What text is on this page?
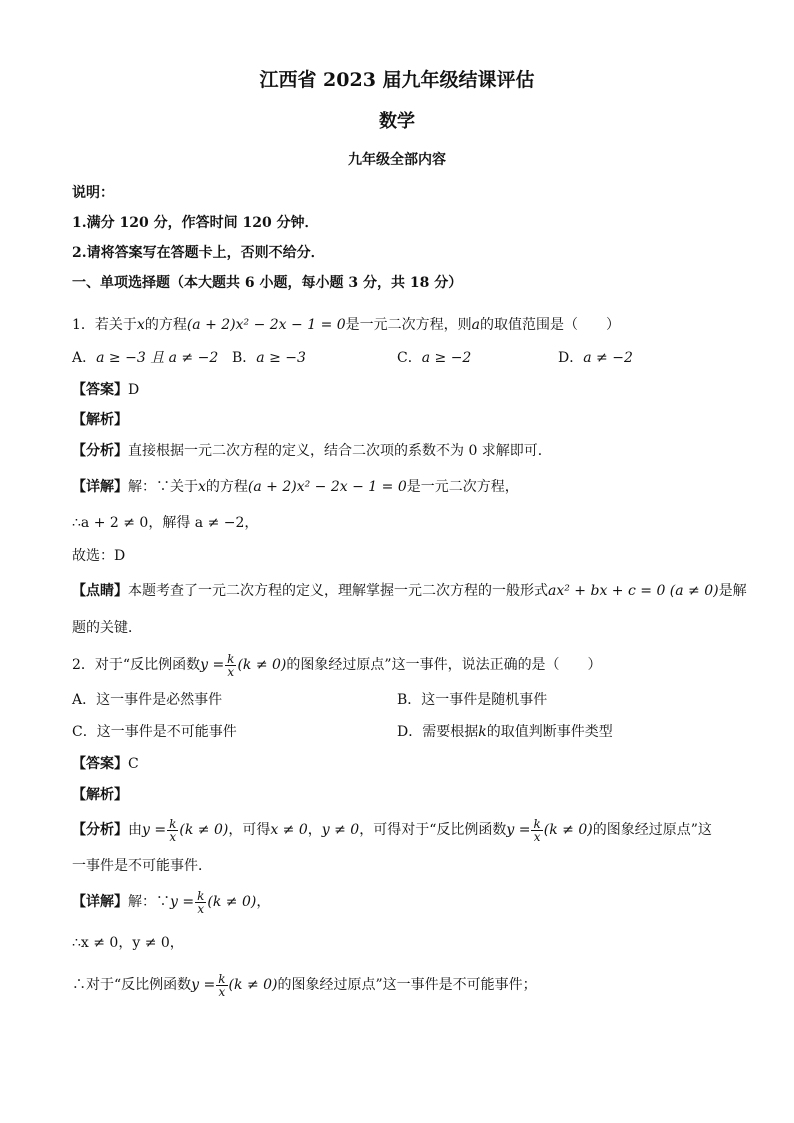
江西省 2023 届九年级结课评估
数学
九年级全部内容
说明：
1.满分 120 分，作答时间 120 分钟．
2.请将答案写在答题卡上，否则不给分．
一、单项选择题（本大题共 6 小题，每小题 3 分，共 18 分）
1．若关于x的方程(a + 2)x² − 2x − 1 = 0是一元二次方程，则a的取值范围是（　　）
A．a ≥ −3 且 a ≠ −2 B．a ≥ −3	C．a ≥ −2	D．a ≠ −2
【答案】D
【解析】
【分析】直接根据一元二次方程的定义，结合二次项的系数不为 0 求解即可．
【详解】解：∵关于x的方程(a + 2)x² − 2x − 1 = 0是一元二次方程，
∴a + 2 ≠ 0，解得 a ≠ −2，
故选：D
【点睛】本题考查了一元二次方程的定义，理解掌握一元二次方程的一般形式ax² + bx + c = 0 (a ≠ 0)是解
题的关键．
2．对于“反比例函数$y = \frac{k}{x} (k \ne 0)$的图象经过原点”这一事件，说法正确的是（　　）
A．这一事件是必然事件	B．这一事件是随机事件
C．这一事件是不可能事件	D．需要根据k的取值判断事件类型
【答案】C
【解析】
【分析】由$y = \frac{k}{x} (k \ne 0)$，可得x ≠ 0，y ≠ 0，可得对于“反比例函数$y = \frac{k}{x} (k \ne 0)$的图象经过原点”这
一事件是不可能事件．
【详解】解：∵y = $\frac{k}{x} (k \ne 0)$，
∴x ≠ 0，y ≠ 0，
∴对于“反比例函数$y = \frac{k}{x} (k \ne 0)$的图象经过原点”这一事件是不可能事件；
